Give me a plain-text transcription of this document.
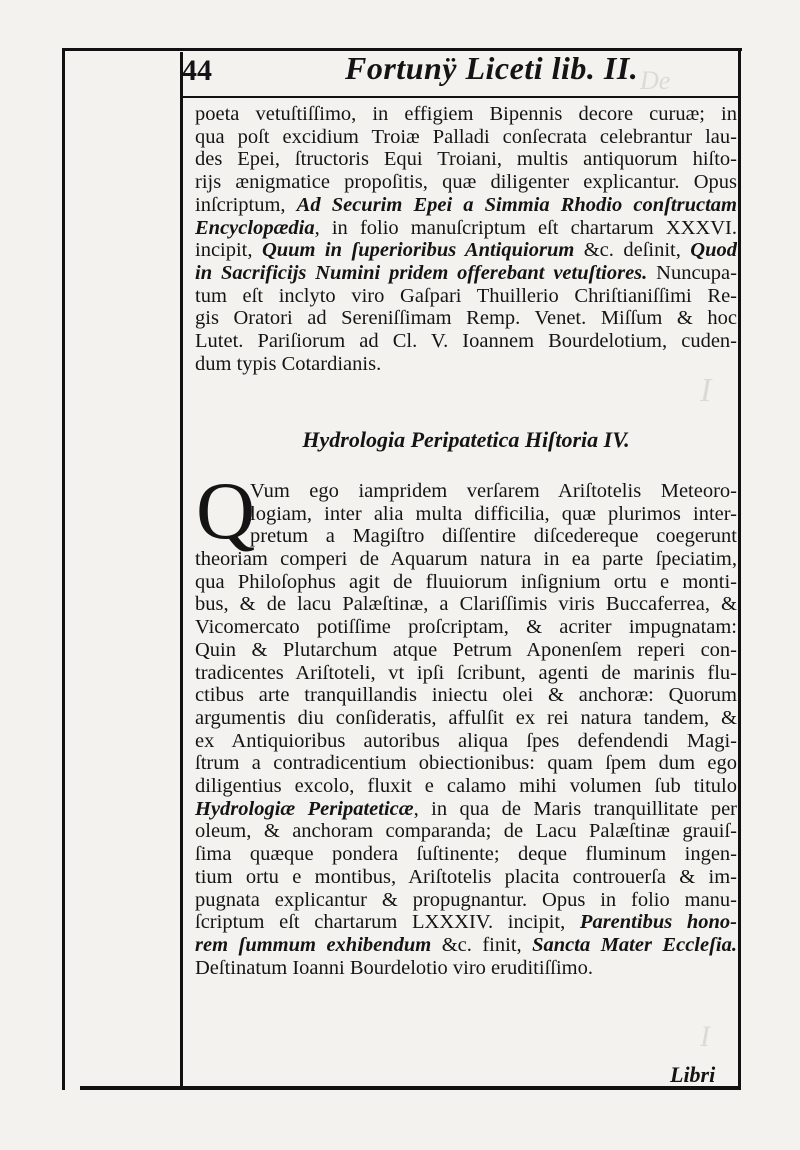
De
I
I
44	Fortunÿ Liceti lib. II.
poeta vetuſtiſſimo, in effigiem Bipennis decore curuæ; in
qua poſt excidium Troiæ Palladi conſecrata celebrantur lau-
des Epei, ſtructoris Equi Troiani, multis antiquorum hiſto-
rijs ænigmatice propoſitis, quæ diligenter explicantur. Opus
inſcriptum, Ad Securim Epei a Simmia Rhodio conſtructam
Encyclopædia, in folio manuſcriptum eſt chartarum XXXVI.
incipit, Quum in ſuperioribus Antiquiorum &c. deſinit, Quod
in Sacrificijs Numini pridem offerebant vetuſtiores. Nuncupa-
tum eſt inclyto viro Gaſpari Thuillerio Chriſtianiſſimi Re-
gis Oratori ad Sereniſſimam Remp. Venet. Miſſum & hoc
Lutet. Pariſiorum ad Cl. V. Ioannem Bourdelotium, cuden-
dum typis Cotardianis.
Hydrologia Peripatetica Hiſtoria IV.
Q
Vum ego iampridem verſarem Ariſtotelis Meteoro-
logiam, inter alia multa difficilia, quæ plurimos inter-
pretum a Magiſtro diſſentire diſcedereque coegerunt
theoriam comperi de Aquarum natura in ea parte ſpeciatim,
qua Philoſophus agit de fluuiorum inſignium ortu e monti-
bus, & de lacu Palæſtinæ, a Clariſſimis viris Buccaferrea, &
Vicomercato potiſſime proſcriptam, & acriter impugnatam:
Quin & Plutarchum atque Petrum Aponenſem reperi con-
tradicentes Ariſtoteli, vt ipſi ſcribunt, agenti de marinis flu-
ctibus arte tranquillandis iniectu olei & anchoræ: Quorum
argumentis diu conſideratis, affulſit ex rei natura tandem, &
ex Antiquioribus autoribus aliqua ſpes defendendi Magi-
ſtrum a contradicentium obiectionibus: quam ſpem dum ego
diligentius excolo, fluxit e calamo mihi volumen ſub titulo
Hydrologiæ Peripateticæ, in qua de Maris tranquillitate per
oleum, & anchoram comparanda; de Lacu Palæſtinæ grauiſ-
ſima quæque pondera ſuſtinente; deque fluminum ingen-
tium ortu e montibus, Ariſtotelis placita controuerſa & im-
pugnata explicantur & propugnantur. Opus in folio manu-
ſcriptum eſt chartarum LXXXIV. incipit, Parentibus hono-
rem ſummum exhibendum &c. finit, Sancta Mater Eccleſia.
Deſtinatum Ioanni Bourdelotio viro eruditiſſimo.
Libri
